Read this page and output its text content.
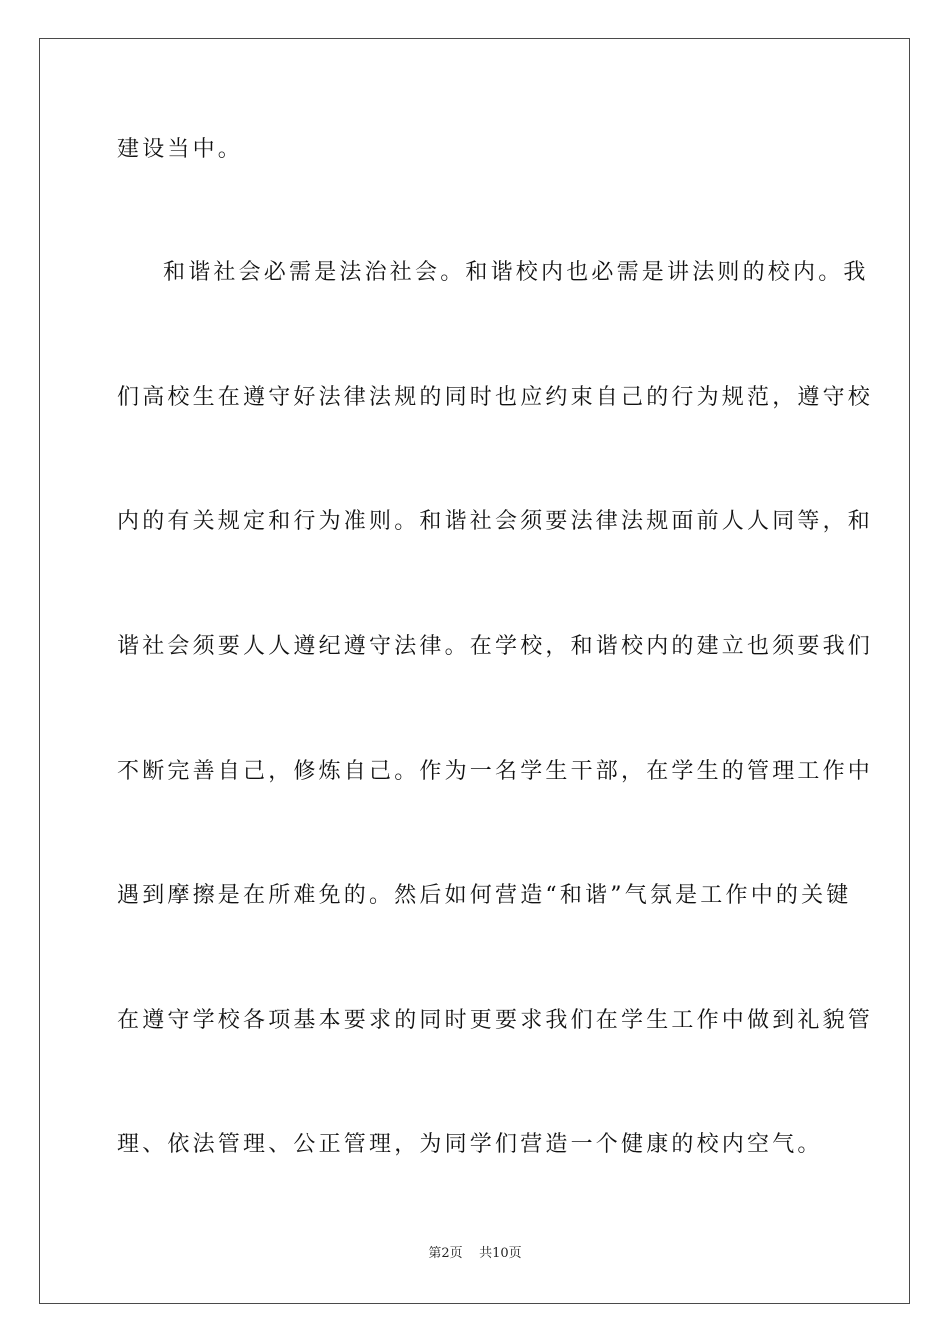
建设当中。
和谐社会必需是法治社会。和谐校内也必需是讲法则的校内。我
们高校生在遵守好法律法规的同时也应约束自己的行为规范，遵守校
内的有关规定和行为准则。和谐社会须要法律法规面前人人同等，和
谐社会须要人人遵纪遵守法律。在学校，和谐校内的建立也须要我们
不断完善自己，修炼自己。作为一名学生干部，在学生的管理工作中
遇到摩擦是在所难免的。然后如何营造“和谐”气氛是工作中的关键
在遵守学校各项基本要求的同时更要求我们在学生工作中做到礼貌管
理、依法管理、公正管理，为同学们营造一个健康的校内空气。
第2页 共10页
